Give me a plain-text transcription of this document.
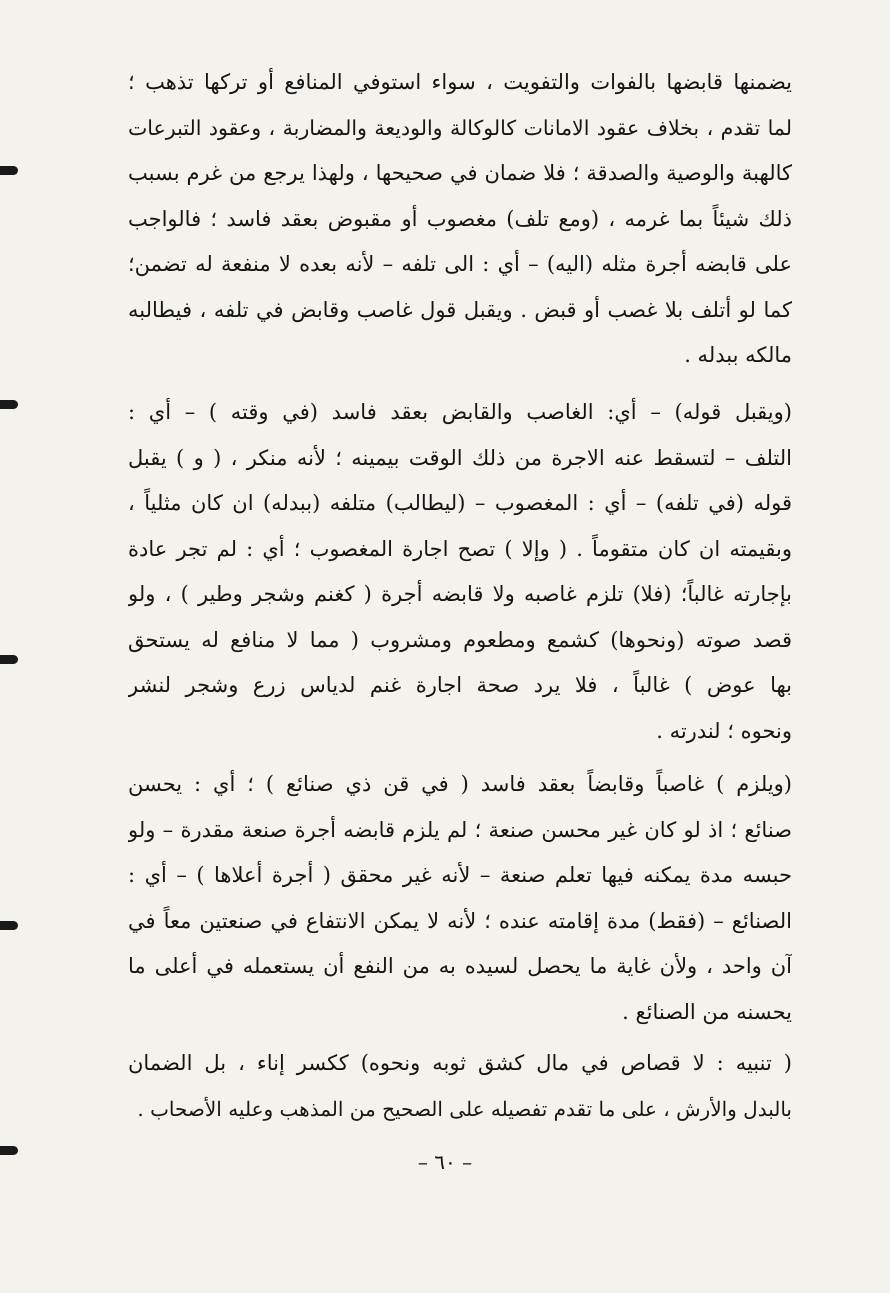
يضمنها قابضها بالفوات والتفويت ، سواء استوفي المنافع أو تركها تذهب ؛
لما تقدم ، بخلاف عقود الامانات كالوكالة والوديعة والمضاربة ، وعقود التبرعات
كالهبة والوصية والصدقة ؛ فلا ضمان في صحيحها ، ولهذا يرجع من غرم بسبب
ذلك شيئاً بما غرمه ، (ومع تلف) مغصوب أو مقبوض بعقد فاسد ؛ فالواجب
على قابضه أجرة مثله (اليه) – أي : الى تلفه – لأنه بعده لا منفعة له تضمن؛
كما لو أتلف بلا غصب أو قبض . ويقبل قول غاصب وقابض في تلفه ، فيطالبه
مالكه ببدله .

(ويقبل قوله) – أي: الغاصب والقابض بعقد فاسد (في وقته ) – أي :
التلف – لتسقط عنه الاجرة من ذلك الوقت بيمينه ؛ لأنه منكر ، ( و ) يقبل
قوله (في تلفه) – أي : المغصوب – (ليطالب) متلفه (ببدله) ان كان مثلياً ،
وبقيمته ان كان متقوماً . ( وإلا ) تصح اجارة المغصوب ؛ أي : لم تجر عادة
بإجارته غالباً؛ (فلا) تلزم غاصبه ولا قابضه أجرة ( كغنم وشجر وطير ) ، ولو
قصد صوته (ونحوها) كشمع ومطعوم ومشروب ( مما لا منافع له يستحق
بها عوض ) غالباً ، فلا يرد صحة اجارة غنم لدياس زرع وشجر لنشر
ونحوه ؛ لندرته .

(ويلزم ) غاصباً وقابضاً بعقد فاسد ( في قن ذي صنائع ) ؛ أي : يحسن
صنائع ؛ اذ لو كان غير محسن صنعة ؛ لم يلزم قابضه أجرة صنعة مقدرة – ولو
حبسه مدة يمكنه فيها تعلم صنعة – لأنه غير محقق ( أجرة أعلاها ) – أي :
الصنائع – (فقط) مدة إقامته عنده ؛ لأنه لا يمكن الانتفاع في صنعتين معاً في
آن واحد ، ولأن غاية ما يحصل لسيده به من النفع أن يستعمله في أعلى ما
يحسنه من الصنائع .

( تنبيه : لا قصاص في مال كشق ثوبه ونحوه) ككسر إناء ، بل الضمان
بالبدل والأرش ، على ما تقدم تفصيله على الصحيح من المذهب وعليه الأصحاب .

– ٦٠ –
